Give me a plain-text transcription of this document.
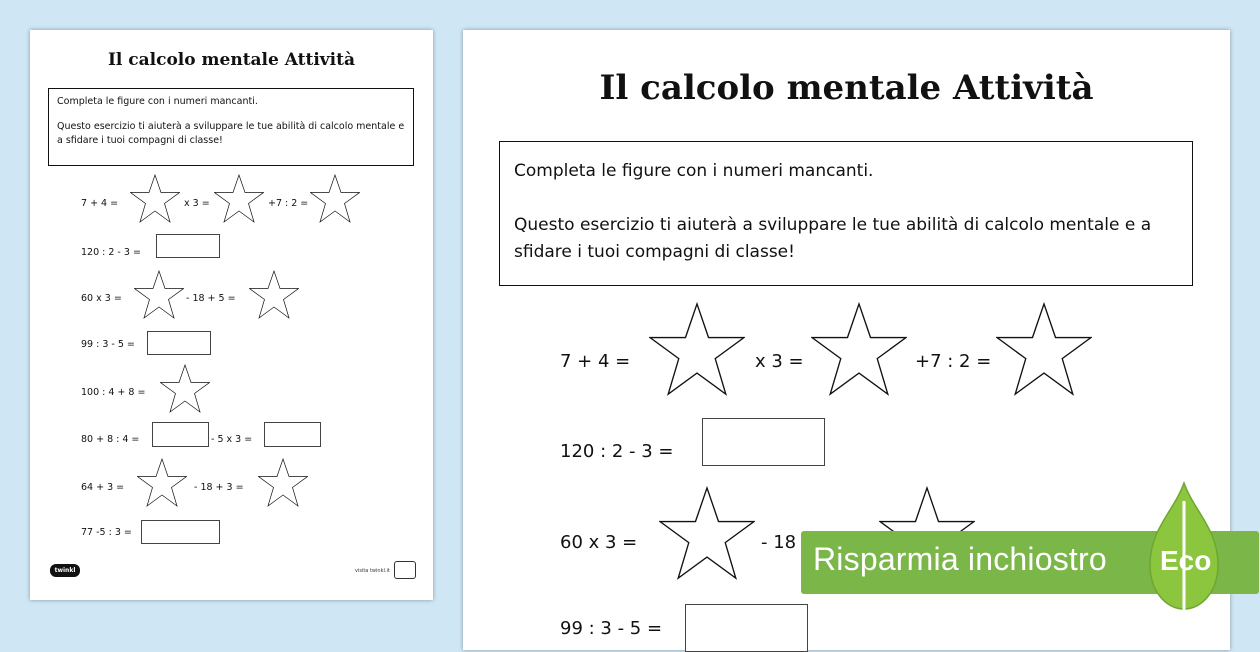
Il calcolo mentale Attività

Completa le figure con i numeri mancanti.

Questo esercizio ti aiuterà a sviluppare le tue abilità di calcolo mentale e a sfidare i tuoi compagni di classe!

7 + 4 =	x 3 =	+7 : 2 =
120 : 2 - 3 =
60 x 3 =	- 18 + 5 =
99 : 3 - 5 =
100 : 4 + 8 =
80 + 8 : 4 =	- 5 x 3 =
64 + 3 =	- 18 + 3 =
77 -5 : 3 =
twinkl	visita twinkl.it
Il calcolo mentale Attività

Completa le figure con i numeri mancanti.

Questo esercizio ti aiuterà a sviluppare le tue abilità di calcolo mentale e a sfidare i tuoi compagni di classe!

7 + 4 =	x 3 =	+7 : 2 =
120 : 2 - 3 =
60 x 3 =	- 18
99 : 3 - 5 =
Risparmia inchiostro Eco
